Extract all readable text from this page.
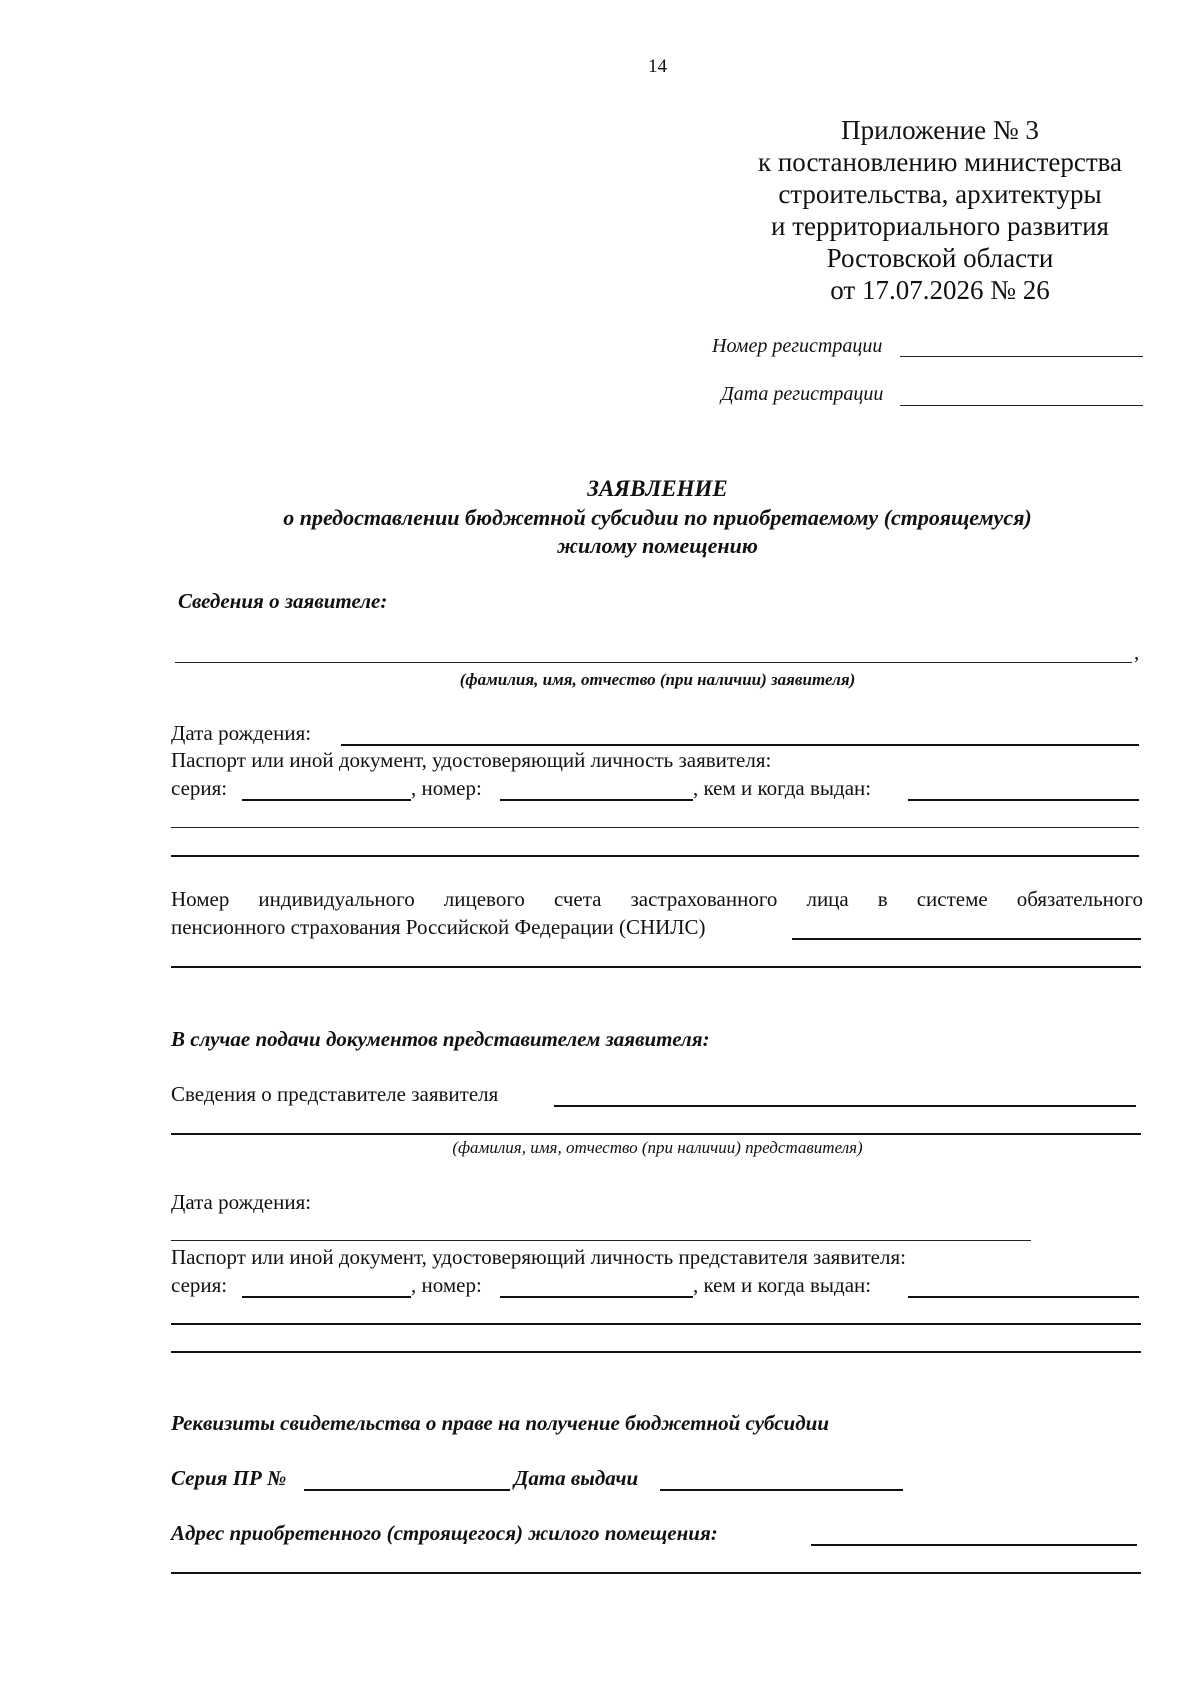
14
Приложение № 3
к постановлению министерства
строительства, архитектуры
и территориального развития
Ростовской области
от 17.07.2026 № 26
Номер регистрации
Дата регистрации
ЗАЯВЛЕНИЕ
о предоставлении бюджетной субсидии по приобретаемому (строящемуся)
жилому помещению
Сведения о заявителе:
,
(фамилия, имя, отчество (при наличии) заявителя)
Дата рождения:
Паспорт или иной документ, удостоверяющий личность заявителя:
серия:	, номер:	, кем и когда выдан:
Номер индивидуального лицевого счета застрахованного лица в системе обязательного
пенсионного страхования Российской Федерации (СНИЛС)
В случае подачи документов представителем заявителя:
Сведения о представителе заявителя
(фамилия, имя, отчество (при наличии) представителя)
Дата рождения:
Паспорт или иной документ, удостоверяющий личность представителя заявителя:
серия:	, номер:	, кем и когда выдан:
Реквизиты свидетельства о праве на получение бюджетной субсидии
Серия ПР №	Дата выдачи
Адрес приобретенного (строящегося) жилого помещения:
